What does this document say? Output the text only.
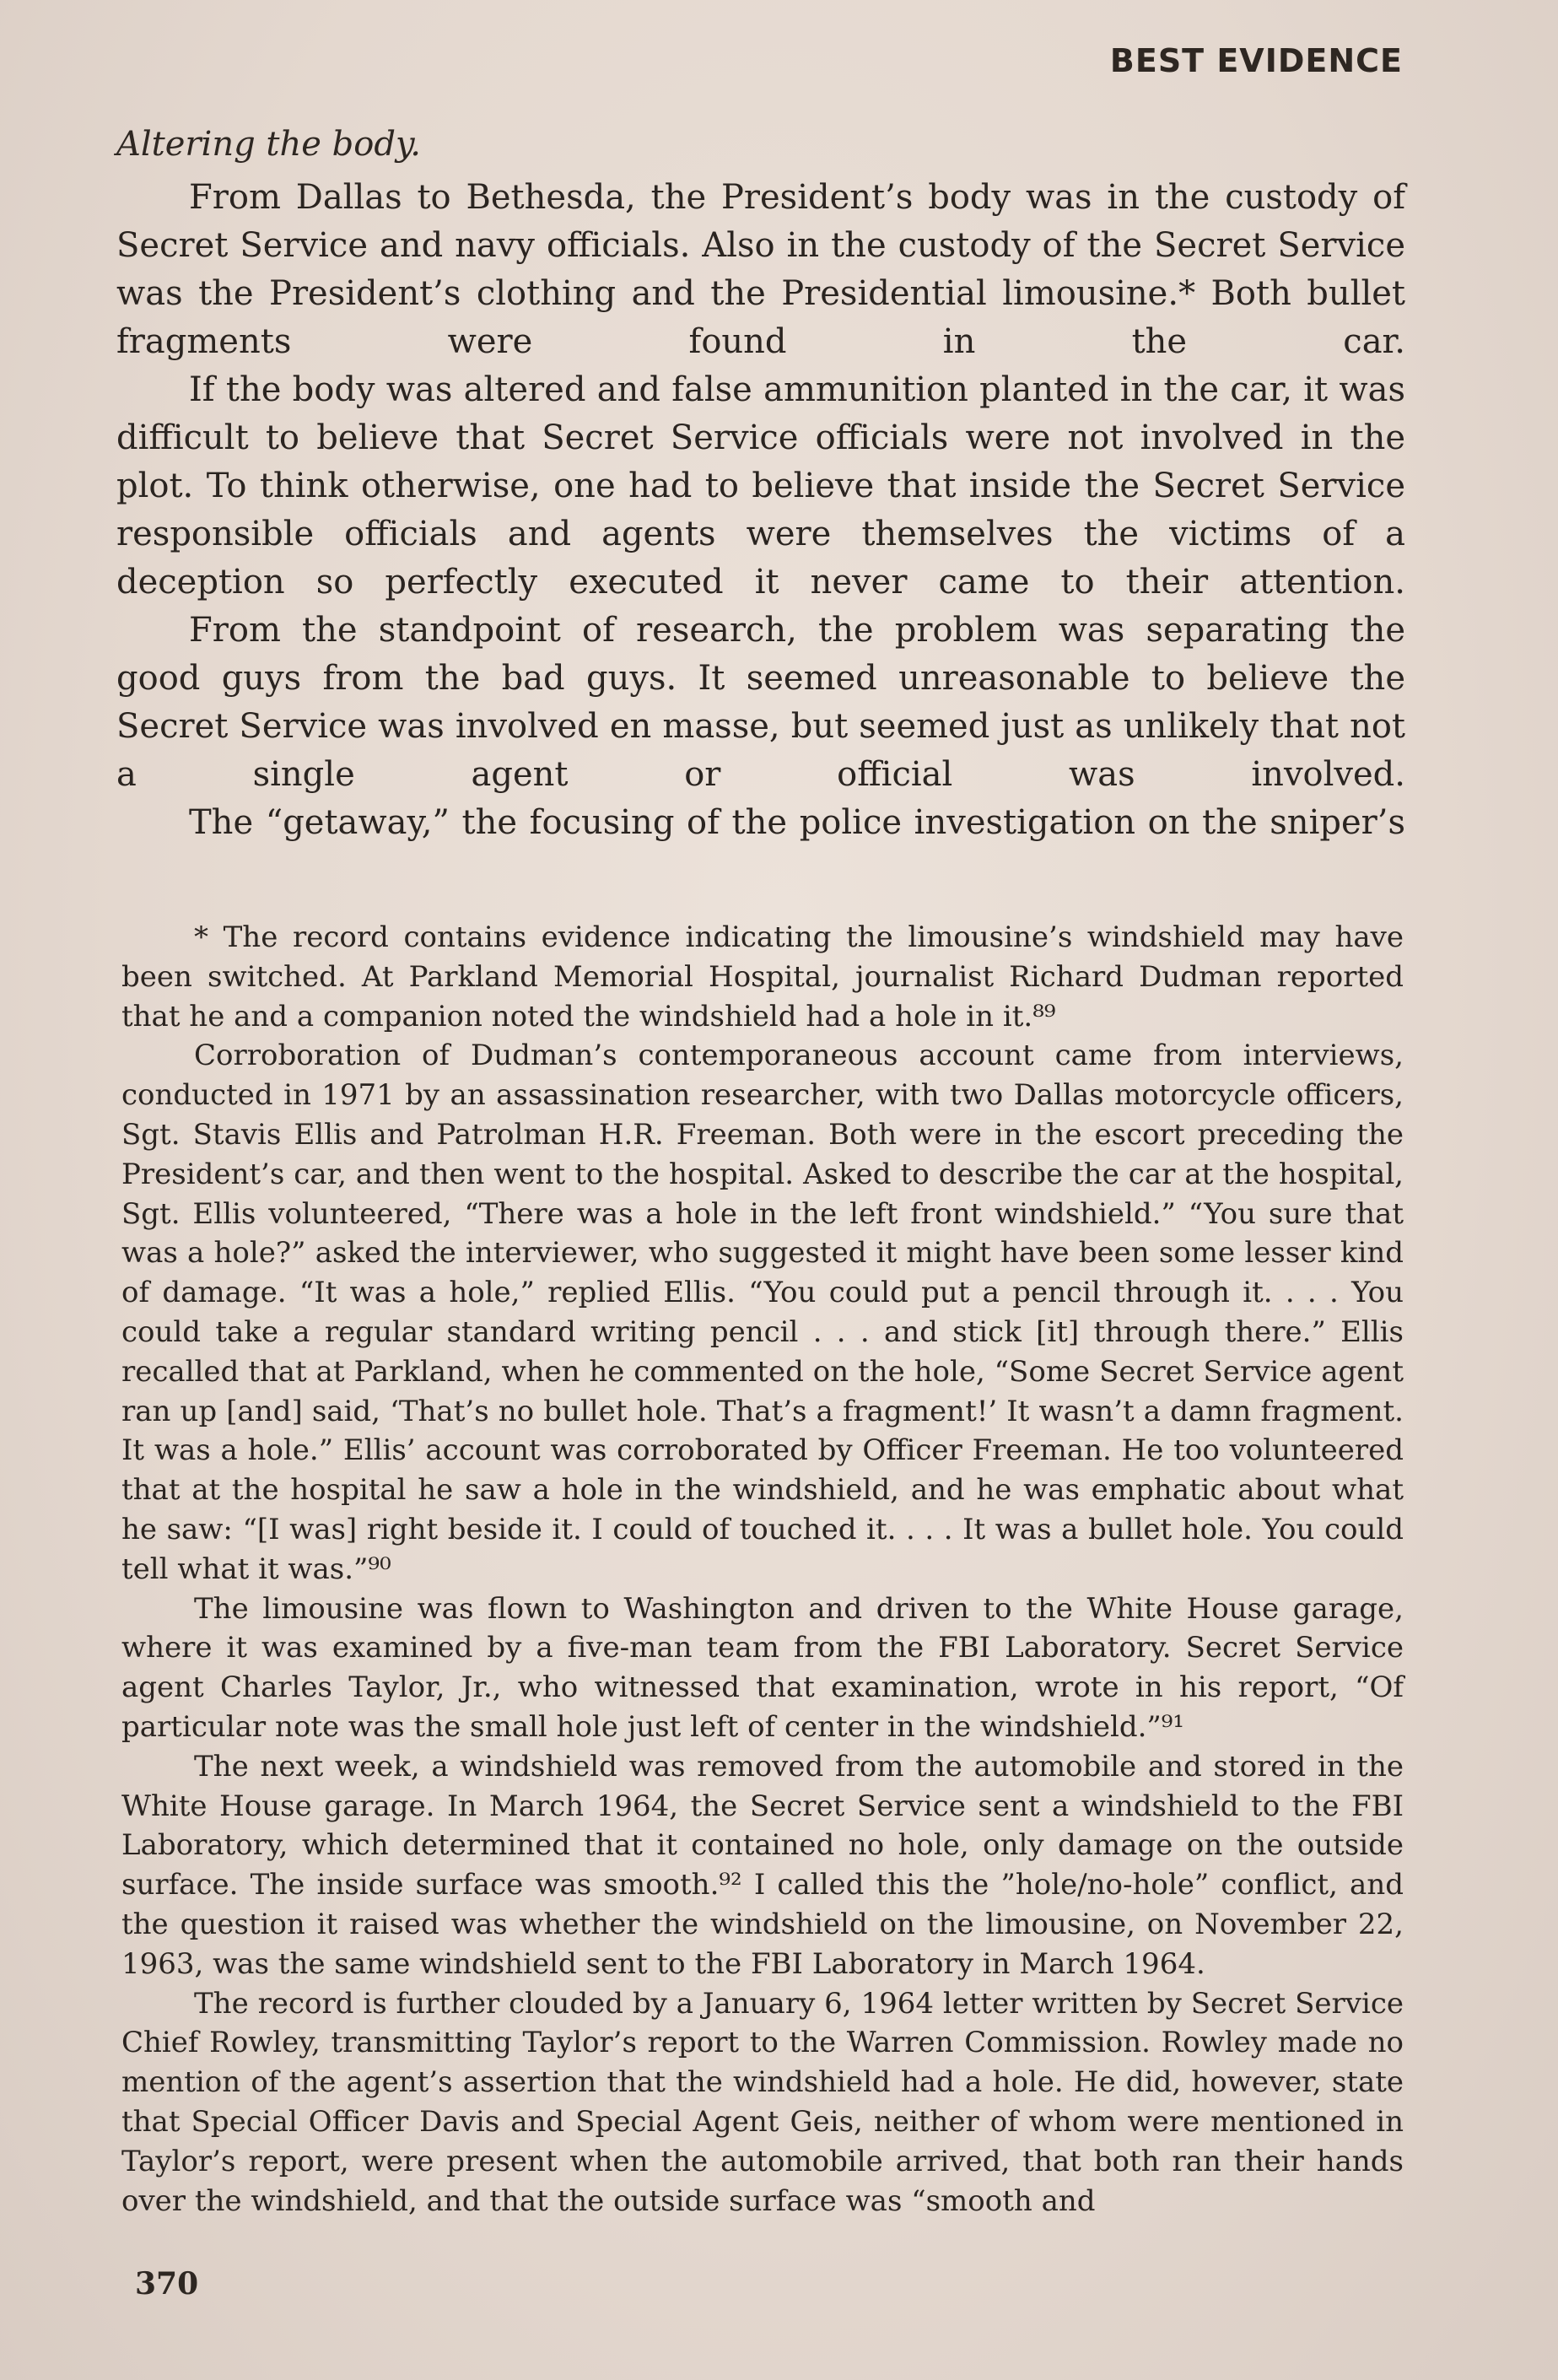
BEST EVIDENCE
Altering the body.

From Dallas to Bethesda, the President’s body was in the custody of Secret Service and navy officials. Also in the custody of the Secret Service was the President’s clothing and the Presidential limousine.* Both bullet fragments were found in the car.

If the body was altered and false ammunition planted in the car, it was difficult to believe that Secret Service officials were not involved in the plot. To think otherwise, one had to believe that inside the Secret Service responsible officials and agents were themselves the victims of a deception so perfectly executed it never came to their attention.

From the standpoint of research, the problem was separating the good guys from the bad guys. It seemed unreasonable to believe the Secret Service was involved en masse, but seemed just as unlikely that not a single agent or official was involved.

The “getaway,” the focusing of the police investigation on the sniper’s

* The record contains evidence indicating the limousine’s windshield may have been switched. At Parkland Memorial Hospital, journalist Richard Dudman reported that he and a companion noted the windshield had a hole in it.⁸⁹

Corroboration of Dudman’s contemporaneous account came from interviews, conducted in 1971 by an assassination researcher, with two Dallas motorcycle officers, Sgt. Stavis Ellis and Patrolman H.R. Freeman. Both were in the escort preceding the President’s car, and then went to the hospital. Asked to describe the car at the hospital, Sgt. Ellis volunteered, “There was a hole in the left front windshield.” “You sure that was a hole?” asked the interviewer, who suggested it might have been some lesser kind of damage. “It was a hole,” replied Ellis. “You could put a pencil through it. . . . You could take a regular standard writing pencil . . . and stick [it] through there.” Ellis recalled that at Parkland, when he commented on the hole, “Some Secret Service agent ran up [and] said, ‘That’s no bullet hole. That’s a fragment!’ It wasn’t a damn fragment. It was a hole.” Ellis’ account was corroborated by Officer Freeman. He too volunteered that at the hospital he saw a hole in the windshield, and he was emphatic about what he saw: “[I was] right beside it. I could of touched it. . . . It was a bullet hole. You could tell what it was.”⁹⁰

The limousine was flown to Washington and driven to the White House garage, where it was examined by a five-man team from the FBI Laboratory. Secret Service agent Charles Taylor, Jr., who witnessed that examination, wrote in his report, “Of particular note was the small hole just left of center in the windshield.”⁹¹

The next week, a windshield was removed from the automobile and stored in the White House garage. In March 1964, the Secret Service sent a windshield to the FBI Laboratory, which determined that it contained no hole, only damage on the outside surface. The inside surface was smooth.⁹² I called this the ”hole/no-hole” conflict, and the question it raised was whether the windshield on the limousine, on November 22, 1963, was the same windshield sent to the FBI Laboratory in March 1964.

The record is further clouded by a January 6, 1964 letter written by Secret Service Chief Rowley, transmitting Taylor’s report to the Warren Commission. Rowley made no mention of the agent’s assertion that the windshield had a hole. He did, however, state that Special Officer Davis and Special Agent Geis, neither of whom were mentioned in Taylor’s report, were present when the automobile arrived, that both ran their hands over the windshield, and that the outside surface was “smooth and

370
